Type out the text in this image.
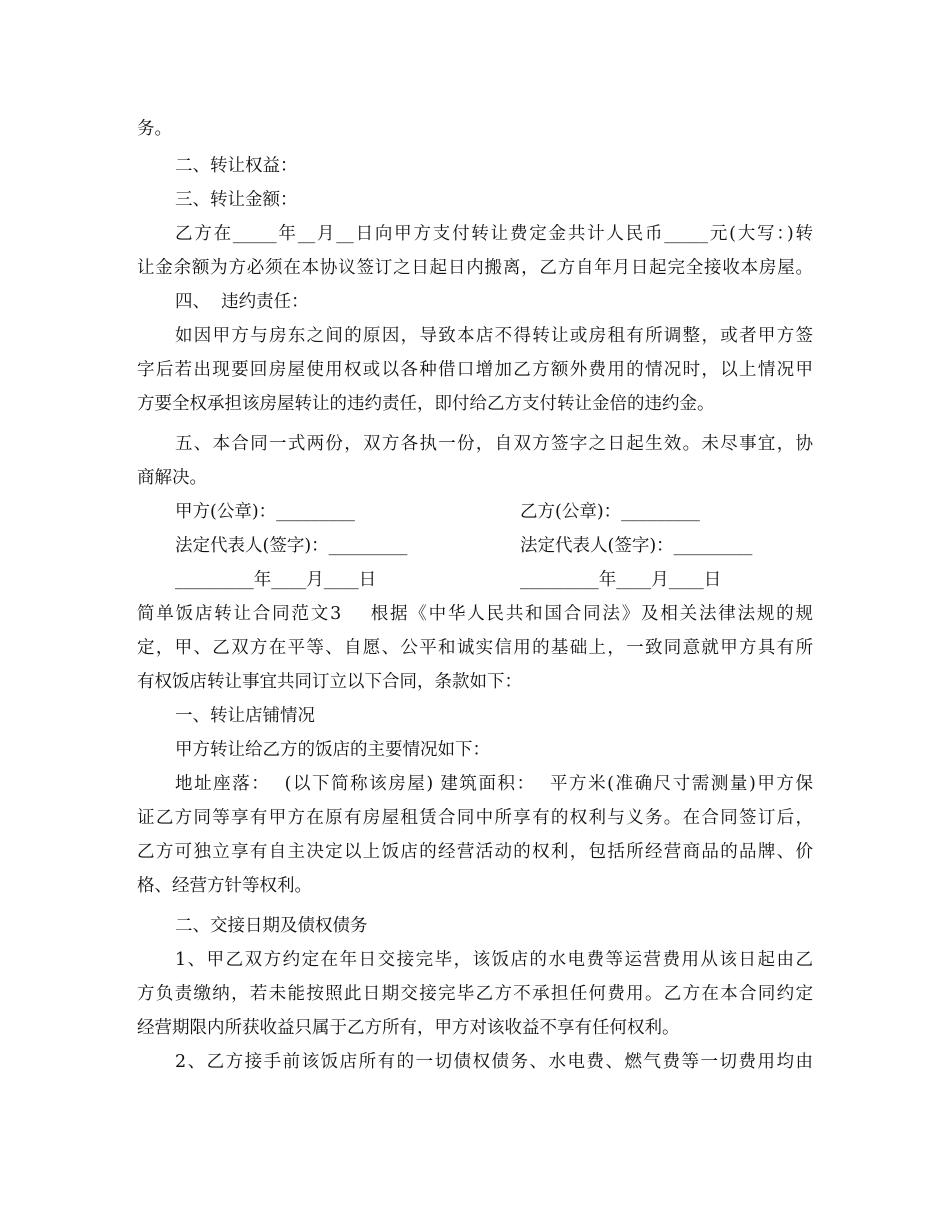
务。
二、转让权益：
三、转让金额：
乙方在_____年__月__日向甲方支付转让费定金共计人民币_____元(大写：)转
让金余额为方必须在本协议签订之日起日内搬离，乙方自年月日起完全接收本房屋。
四、  违约责任：
如因甲方与房东之间的原因，导致本店不得转让或房租有所调整，或者甲方签
字后若出现要回房屋使用权或以各种借口增加乙方额外费用的情况时，以上情况甲
方要全权承担该房屋转让的违约责任，即付给乙方支付转让金倍的违约金。
五、本合同一式两份，双方各执一份，自双方签字之日起生效。未尽事宜，协
商解决。
甲方(公章)：_________	乙方(公章)：_________
法定代表人(签字)：_________	法定代表人(签字)：_________
_________年____月____日	_________年____月____日
简单饭店转让合同范文3    根据《中华人民共和国合同法》及相关法律法规的规
定，甲、乙双方在平等、自愿、公平和诚实信用的基础上，一致同意就甲方具有所
有权饭店转让事宜共同订立以下合同，条款如下：
一、转让店铺情况
甲方转让给乙方的饭店的主要情况如下：
地址座落：  (以下简称该房屋) 建筑面积：  平方米(准确尺寸需测量)甲方保
证乙方同等享有甲方在原有房屋租赁合同中所享有的权利与义务。在合同签订后，
乙方可独立享有自主决定以上饭店的经营活动的权利，包括所经营商品的品牌、价
格、经营方针等权利。
二、交接日期及债权债务
1、甲乙双方约定在年日交接完毕，该饭店的水电费等运营费用从该日起由乙
方负责缴纳，若未能按照此日期交接完毕乙方不承担任何费用。乙方在本合同约定
经营期限内所获收益只属于乙方所有，甲方对该收益不享有任何权利。
2、乙方接手前该饭店所有的一切债权债务、水电费、燃气费等一切费用均由
